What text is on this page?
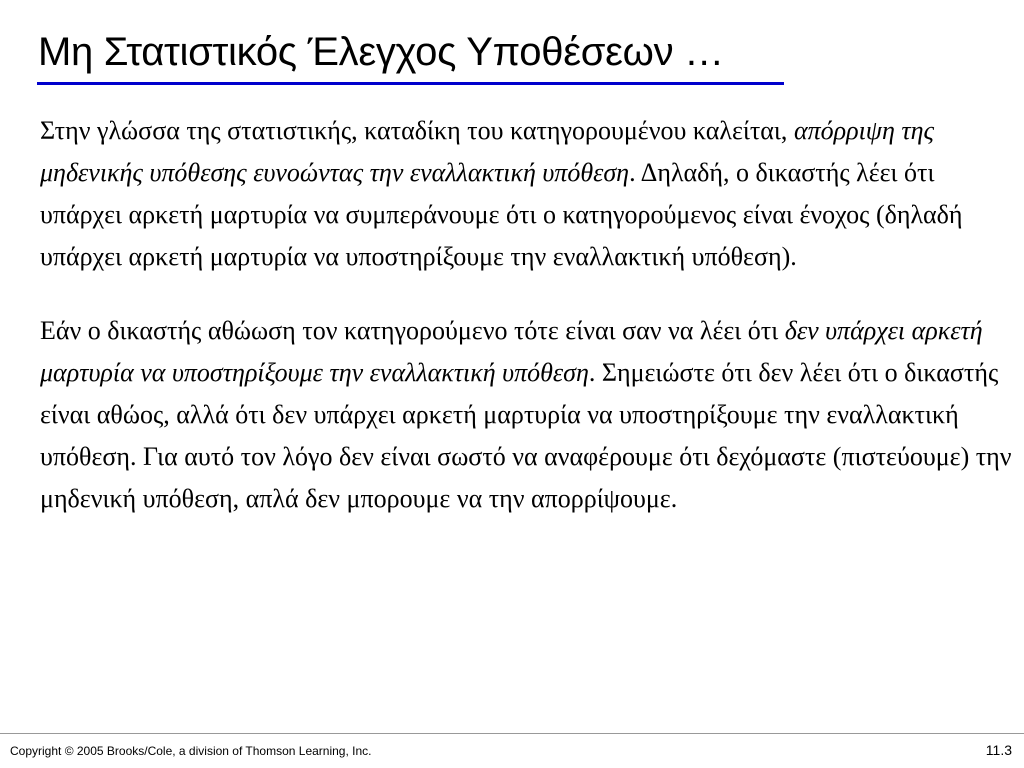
Μη Στατιστικός Έλεγχος Υποθέσεων …

Στην γλώσσα της στατιστικής, καταδίκη του κατηγορουμένου καλείται, απόρριψη της μηδενικής υπόθεσης ευνοώντας την εναλλακτική υπόθεση. Δηλαδή, ο δικαστής λέει ότι υπάρχει αρκετή μαρτυρία να συμπεράνουμε ότι ο κατηγορούμενος είναι ένοχος (δηλαδή υπάρχει αρκετή μαρτυρία να υποστηρίξουμε την εναλλακτική υπόθεση).

Εάν ο δικαστής αθώωση τον κατηγορούμενο τότε είναι σαν να λέει ότι δεν υπάρχει αρκετή μαρτυρία να υποστηρίξουμε την εναλλακτική υπόθεση. Σημειώστε ότι δεν λέει ότι ο δικαστής είναι αθώος, αλλά ότι δεν υπάρχει αρκετή μαρτυρία να υποστηρίξουμε την εναλλακτική υπόθεση. Για αυτό τον λόγο δεν είναι σωστό να αναφέρουμε ότι δεχόμαστε (πιστεύουμε) την μηδενική υπόθεση, απλά δεν μπορουμε να την απορρίψουμε.

Copyright © 2005 Brooks/Cole, a division of Thomson Learning, Inc.	11.3
